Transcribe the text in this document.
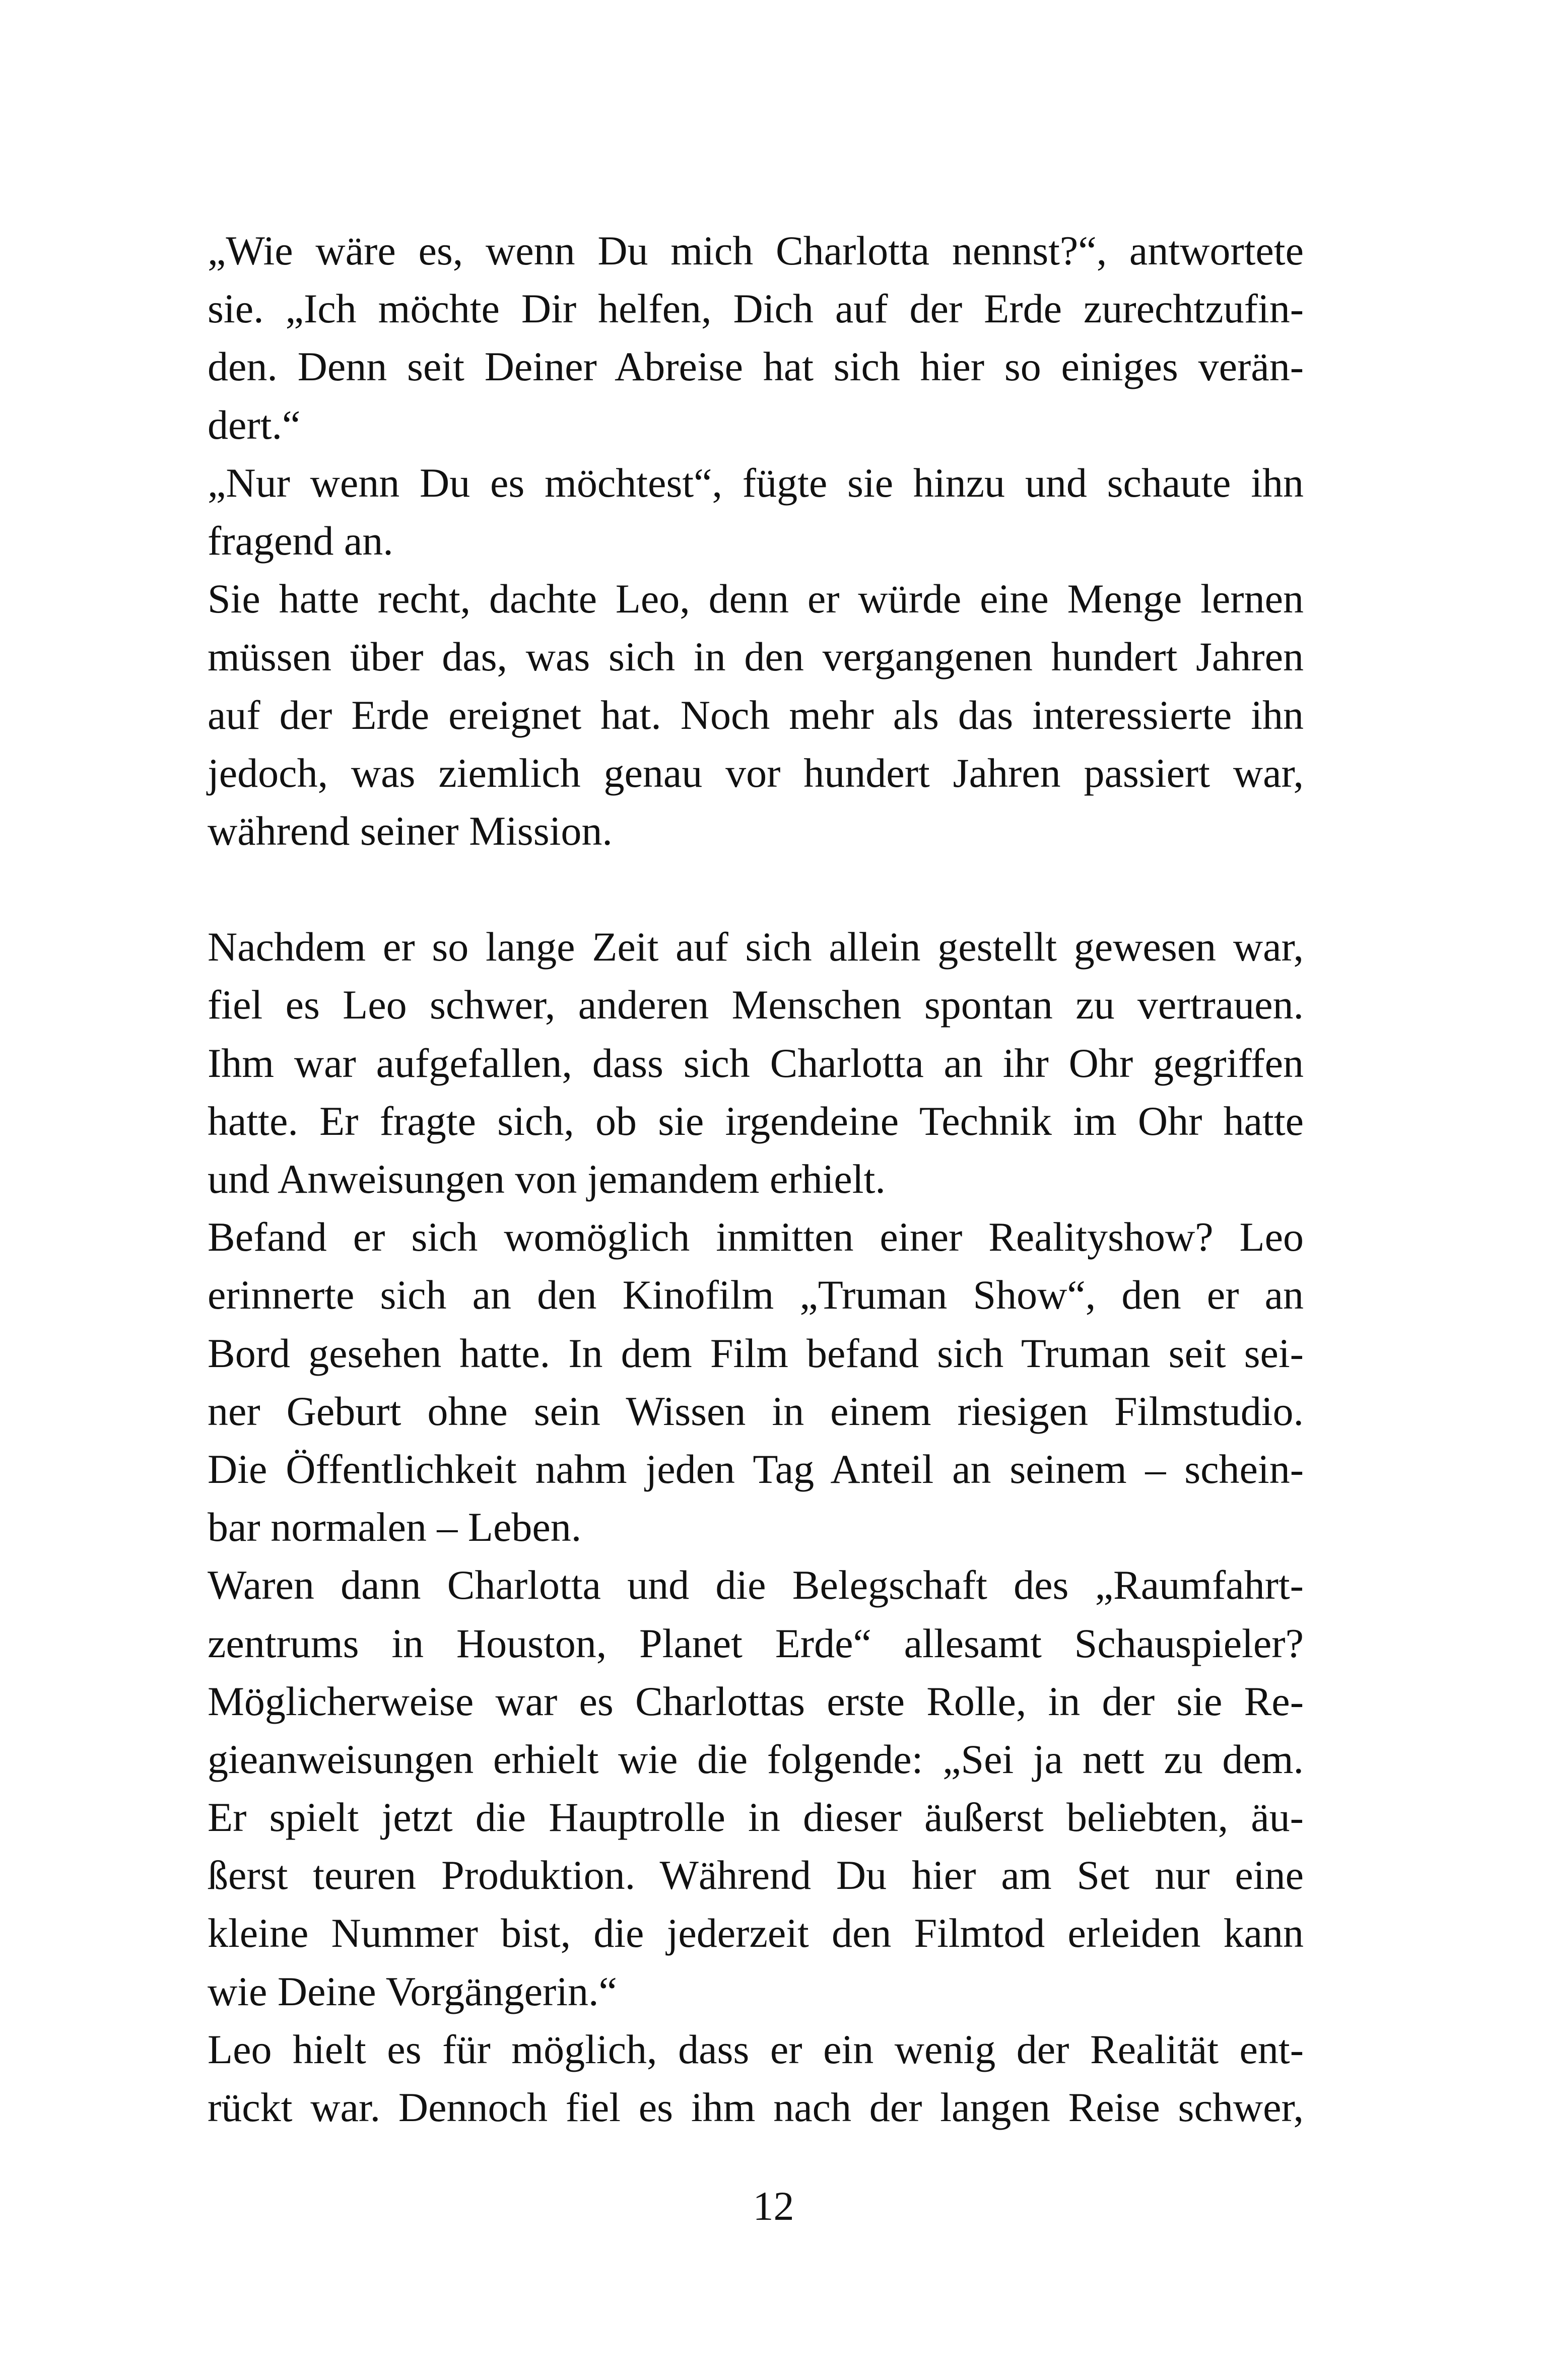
„Wie wäre es, wenn Du mich Charlotta nennst?“, antwortete
sie. „Ich möchte Dir helfen, Dich auf der Erde zurechtzufin-
den. Denn seit Deiner Abreise hat sich hier so einiges verän-
dert.“
„Nur wenn Du es möchtest“, fügte sie hinzu und schaute ihn
fragend an.
Sie hatte recht, dachte Leo, denn er würde eine Menge lernen
müssen über das, was sich in den vergangenen hundert Jahren
auf der Erde ereignet hat. Noch mehr als das interessierte ihn
jedoch, was ziemlich genau vor hundert Jahren passiert war,
während seiner Mission.
Nachdem er so lange Zeit auf sich allein gestellt gewesen war,
fiel es Leo schwer, anderen Menschen spontan zu vertrauen.
Ihm war aufgefallen, dass sich Charlotta an ihr Ohr gegriffen
hatte. Er fragte sich, ob sie irgendeine Technik im Ohr hatte
und Anweisungen von jemandem erhielt.
Befand er sich womöglich inmitten einer Realityshow? Leo
erinnerte sich an den Kinofilm „Truman Show“, den er an
Bord gesehen hatte. In dem Film befand sich Truman seit sei-
ner Geburt ohne sein Wissen in einem riesigen Filmstudio.
Die Öffentlichkeit nahm jeden Tag Anteil an seinem – schein-
bar normalen – Leben.
Waren dann Charlotta und die Belegschaft des „Raumfahrt-
zentrums in Houston, Planet Erde“ allesamt Schauspieler?
Möglicherweise war es Charlottas erste Rolle, in der sie Re-
gieanweisungen erhielt wie die folgende: „Sei ja nett zu dem.
Er spielt jetzt die Hauptrolle in dieser äußerst beliebten, äu-
ßerst teuren Produktion. Während Du hier am Set nur eine
kleine Nummer bist, die jederzeit den Filmtod erleiden kann
wie Deine Vorgängerin.“
Leo hielt es für möglich, dass er ein wenig der Realität ent-
rückt war. Dennoch fiel es ihm nach der langen Reise schwer,
12
